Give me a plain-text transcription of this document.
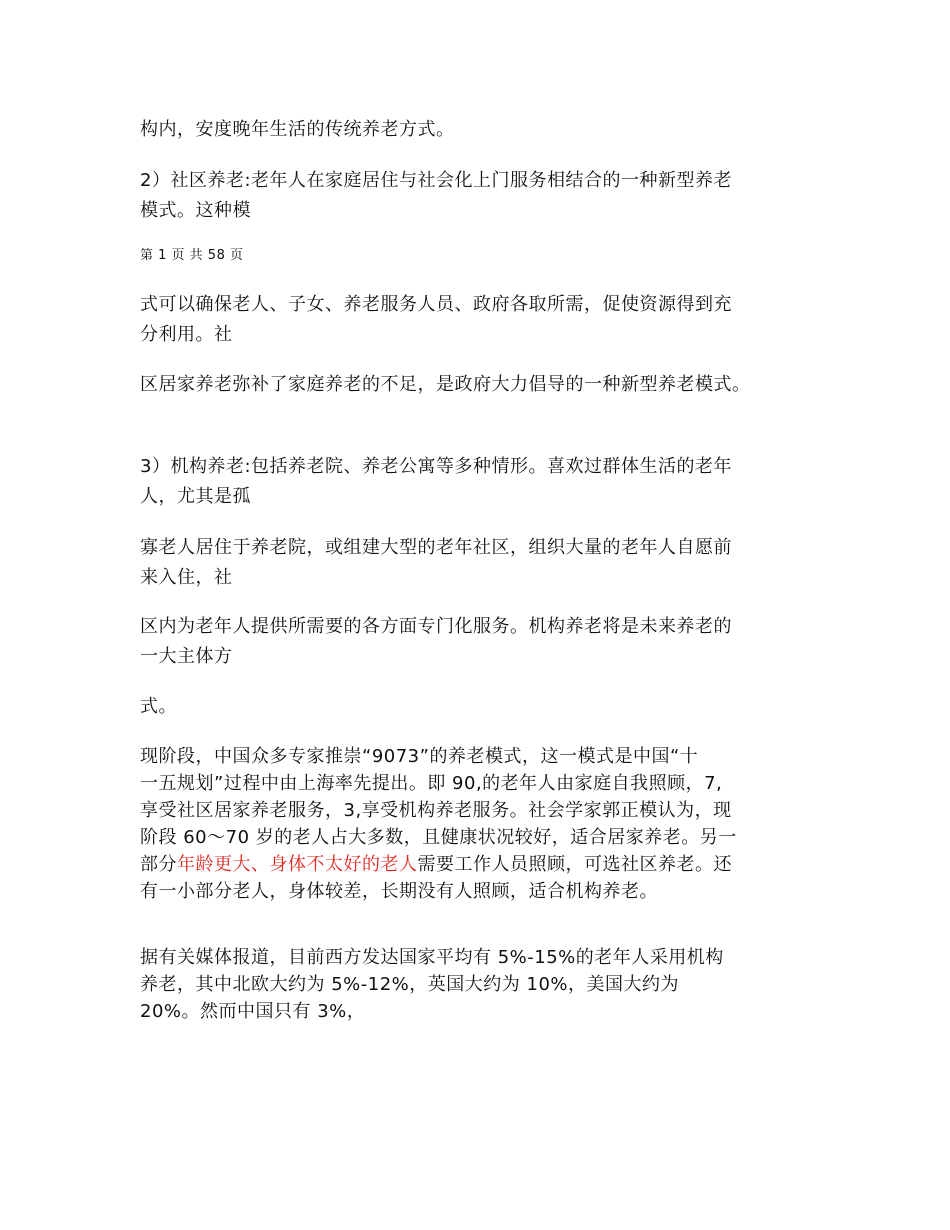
构内，安度晚年生活的传统养老方式。
2）社区养老:老年人在家庭居住与社会化上门服务相结合的一种新型养老
模式。这种模
第 1 页 共 58 页
式可以确保老人、子女、养老服务人员、政府各取所需，促使资源得到充
分利用。社
区居家养老弥补了家庭养老的不足，是政府大力倡导的一种新型养老模式。
3）机构养老:包括养老院、养老公寓等多种情形。喜欢过群体生活的老年
人，尤其是孤
寡老人居住于养老院，或组建大型的老年社区，组织大量的老年人自愿前
来入住，社
区内为老年人提供所需要的各方面专门化服务。机构养老将是未来养老的
一大主体方
式。
现阶段，中国众多专家推崇“9073”的养老模式，这一模式是中国“十
一五规划”过程中由上海率先提出。即 90,的老年人由家庭自我照顾，7,
享受社区居家养老服务，3,享受机构养老服务。社会学家郭正模认为，现
阶段 60～70 岁的老人占大多数，且健康状况较好，适合居家养老。另一
部分年龄更大、身体不太好的老人需要工作人员照顾，可选社区养老。还
有一小部分老人，身体较差，长期没有人照顾，适合机构养老。
据有关媒体报道，目前西方发达国家平均有 5%-15%的老年人采用机构
养老，其中北欧大约为 5%-12%，英国大约为 10%，美国大约为
20%。然而中国只有 3%，
